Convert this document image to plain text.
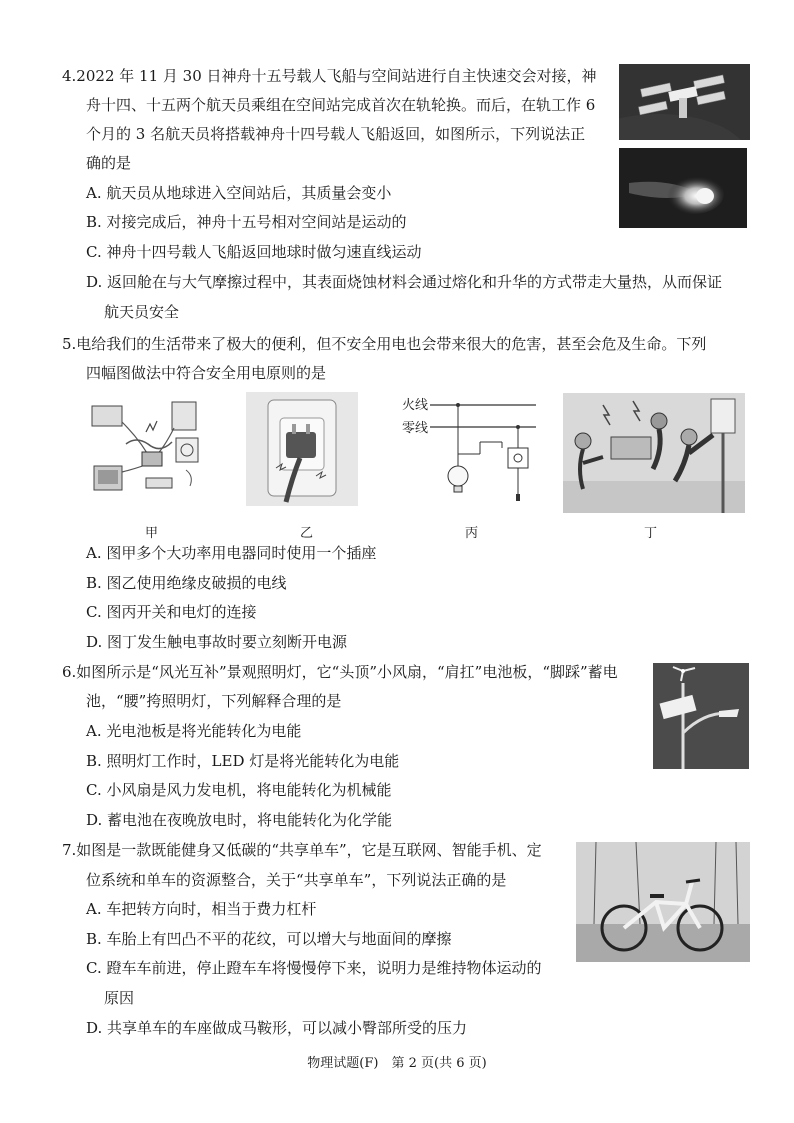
4.2022 年 11 月 30 日神舟十五号载人飞船与空间站进行自主快速交会对接，神
舟十四、十五两个航天员乘组在空间站完成首次在轨轮换。而后，在轨工作 6
个月的 3 名航天员将搭载神舟十四号载人飞船返回，如图所示，下列说法正
确的是
A. 航天员从地球进入空间站后，其质量会变小
B. 对接完成后，神舟十五号相对空间站是运动的
C. 神舟十四号载人飞船返回地球时做匀速直线运动
D. 返回舱在与大气摩擦过程中，其表面烧蚀材料会通过熔化和升华的方式带走大量热，从而保证
航天员安全
5.电给我们的生活带来了极大的便利，但不安全用电也会带来很大的危害，甚至会危及生命。下列
四幅图做法中符合安全用电原则的是
火线
零线
甲	乙	丙	丁
A. 图甲多个大功率用电器同时使用一个插座
B. 图乙使用绝缘皮破损的电线
C. 图丙开关和电灯的连接
D. 图丁发生触电事故时要立刻断开电源
6.如图所示是“风光互补”景观照明灯，它“头顶”小风扇，“肩扛”电池板，“脚踩”蓄电
池，“腰”挎照明灯，下列解释合理的是
A. 光电池板是将光能转化为电能
B. 照明灯工作时，LED 灯是将光能转化为电能
C. 小风扇是风力发电机，将电能转化为机械能
D. 蓄电池在夜晚放电时，将电能转化为化学能
7.如图是一款既能健身又低碳的“共享单车”，它是互联网、智能手机、定
位系统和单车的资源整合，关于“共享单车”，下列说法正确的是
A. 车把转方向时，相当于费力杠杆
B. 车胎上有凹凸不平的花纹，可以增大与地面间的摩擦
C. 蹬车车前进，停止蹬车车将慢慢停下来，说明力是维持物体运动的
原因
D. 共享单车的车座做成马鞍形，可以减小臀部所受的压力
物理试题(F)　第 2 页(共 6 页)
